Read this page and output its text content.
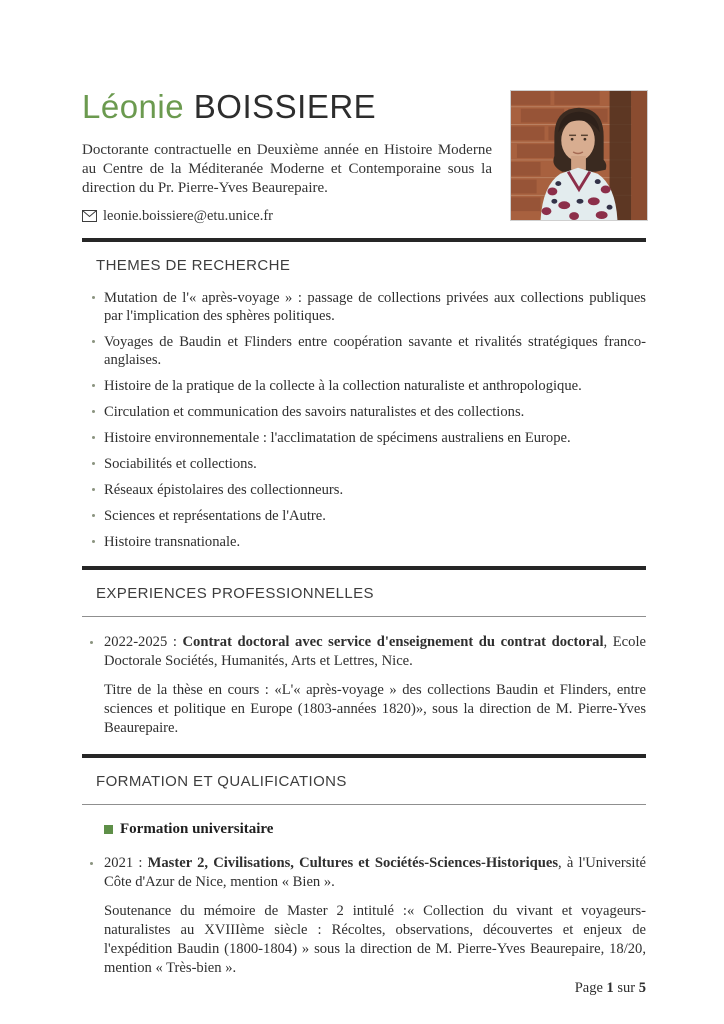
Léonie BOISSIERE

Doctorante contractuelle en Deuxième année en Histoire Moderne au Centre de la Méditeranée Moderne et Contemporaine sous la direction du Pr. Pierre-Yves Beaurepaire.

leonie.boissiere@etu.unice.fr
THEMES DE RECHERCHE
Mutation de l'« après-voyage » : passage de collections privées aux collections publiques par l'implication des sphères politiques.
Voyages de Baudin et Flinders entre coopération savante et rivalités stratégiques franco-anglaises.
Histoire de la pratique de la collecte à la collection naturaliste et anthropologique.
Circulation et communication des savoirs naturalistes et des collections.
Histoire environnementale : l'acclimatation de spécimens australiens en Europe.
Sociabilités et collections.
Réseaux épistolaires des collectionneurs.
Sciences et représentations de l'Autre.
Histoire transnationale.
EXPERIENCES PROFESSIONNELLES

2022-2025 : Contrat doctoral avec service d'enseignement du contrat doctoral, Ecole Doctorale Sociétés, Humanités, Arts et Lettres, Nice.

Titre de la thèse en cours : «L'« après-voyage » des collections Baudin et Flinders, entre sciences et politique en Europe (1803-années 1820)», sous la direction de M. Pierre-Yves Beaurepaire.

FORMATION ET QUALIFICATIONS
Formation universitaire

2021 : Master 2, Civilisations, Cultures et Sociétés-Sciences-Historiques, à l'Université Côte d'Azur de Nice, mention « Bien ».

Soutenance du mémoire de Master 2 intitulé :« Collection du vivant et voyageurs-naturalistes au XVIIIème siècle : Récoltes, observations, découvertes et enjeux de l'expédition Baudin (1800-1804) » sous la direction de M. Pierre-Yves Beaurepaire, 18/20, mention « Très-bien ».

Page 1 sur 5
